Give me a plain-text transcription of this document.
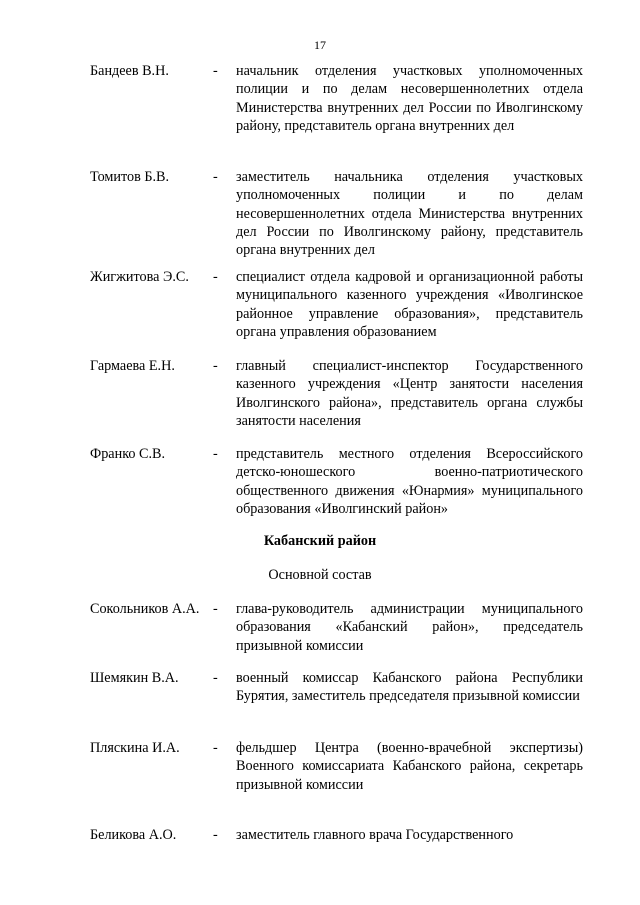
17
Бандеев В.Н.	- начальник отделения участковых уполномоченных полиции и по делам несовершеннолетних отдела Министерства внутренних дел России по Иволгинскому району, представитель органа внутренних дел
Томитов Б.В.	- заместитель начальника отделения участковых уполномоченных полиции и по делам несовершеннолетних отдела Министерства внутренних дел России по Иволгинскому району, представитель органа внутренних дел
Жигжитова Э.С.	- специалист отдела кадровой и организационной работы муниципального казенного учреждения «Иволгинское районное управление образования», представитель органа управления образованием
Гармаева Е.Н.	- главный специалист-инспектор Государственного казенного учреждения «Центр занятости населения Иволгинского района», представитель органа службы занятости населения
Франко С.В.	- представитель местного отделения Всероссийского детско-юношеского военно-патриотического общественного движения «Юнармия» муниципального образования «Иволгинский район»
Кабанский район
Основной состав
Сокольников А.А. - глава-руководитель администрации муниципального образования «Кабанский район», председатель призывной комиссии
Шемякин В.А.	- военный комиссар Кабанского района Республики Бурятия, заместитель председателя призывной комиссии
Пляскина И.А.	- фельдшер Центра (военно-врачебной экспертизы) Военного комиссариата Кабанского района, секретарь призывной комиссии
Беликова А.О.	- заместитель главного врача Государственного
